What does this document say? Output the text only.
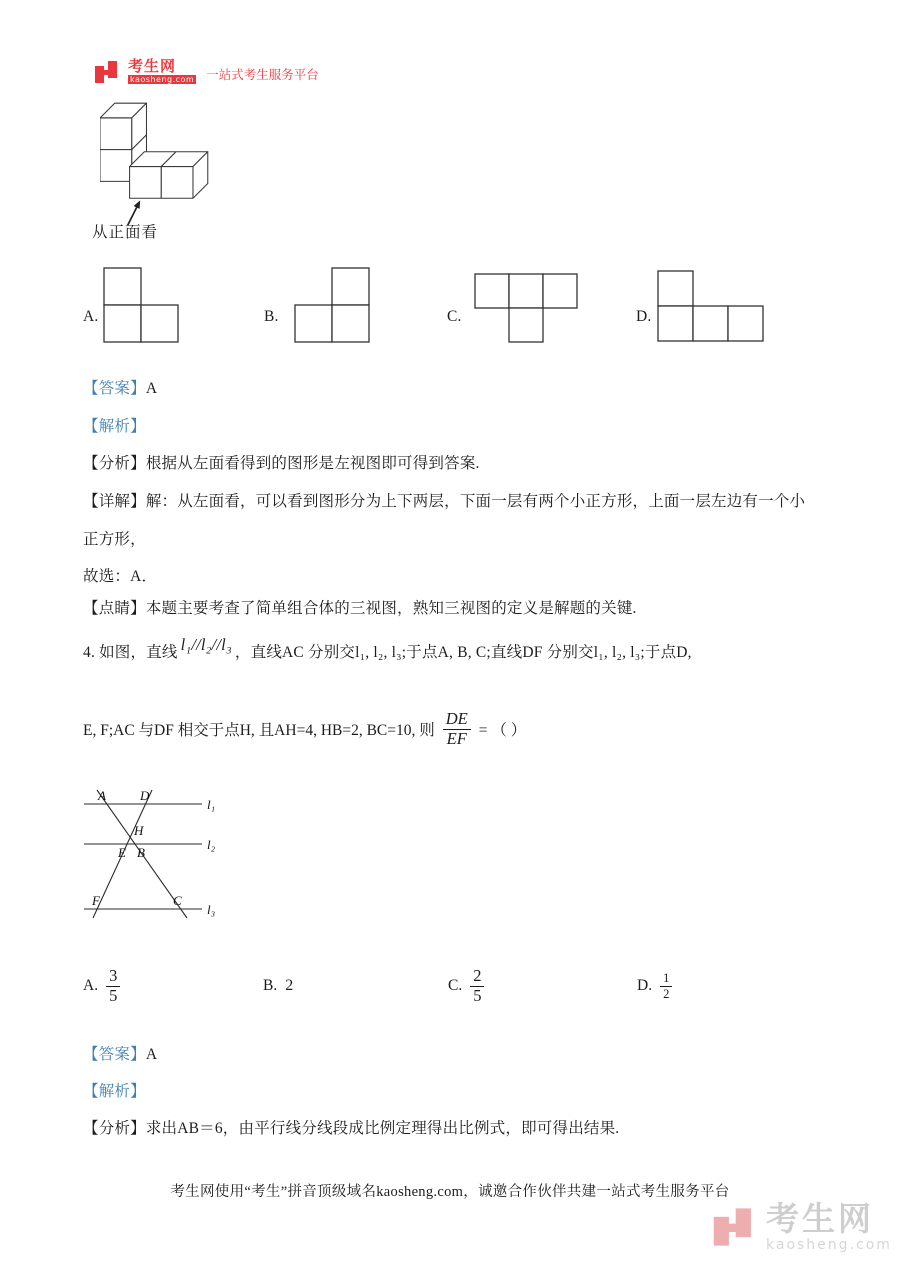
考生网
kaosheng.com 一站式考生服务平台
从正面看
A.	B.	C.	D.
【答案】A
【解析】
【分析】根据从左面看得到的图形是左视图即可得到答案.
【详解】解：从左面看，可以看到图形分为上下两层，下面一层有两个小正方形，上面一层左边有一个小
正方形，
故选：A．
【点睛】本题主要考查了简单组合体的三视图，熟知三视图的定义是解题的关键.
4. 如图，直线 l₁//l₂//l₃ ，直线AC 分别交l₁, l₂, l₃;于点A, B, C;直线DF 分别交l₁, l₂, l₃;于点D,
E, F;AC 与DF 相交于点H, 且AH=4, HB=2, BC=10, 则 $\frac{DE}{EF}$ = （ ）
A	D
H
E B
F	C
l₁
l₂
l₃
A. $\frac{3}{5}$	B. 2	C. $\frac{2}{5}$	D. $\frac{1}{2}$
【答案】A
【解析】
【分析】求出AB＝6，由平行线分线段成比例定理得出比例式，即可得出结果.
考生网使用“考生”拼音顶级域名kaosheng.com，诚邀合作伙伴共建一站式考生服务平台
考生网
kaosheng.com
